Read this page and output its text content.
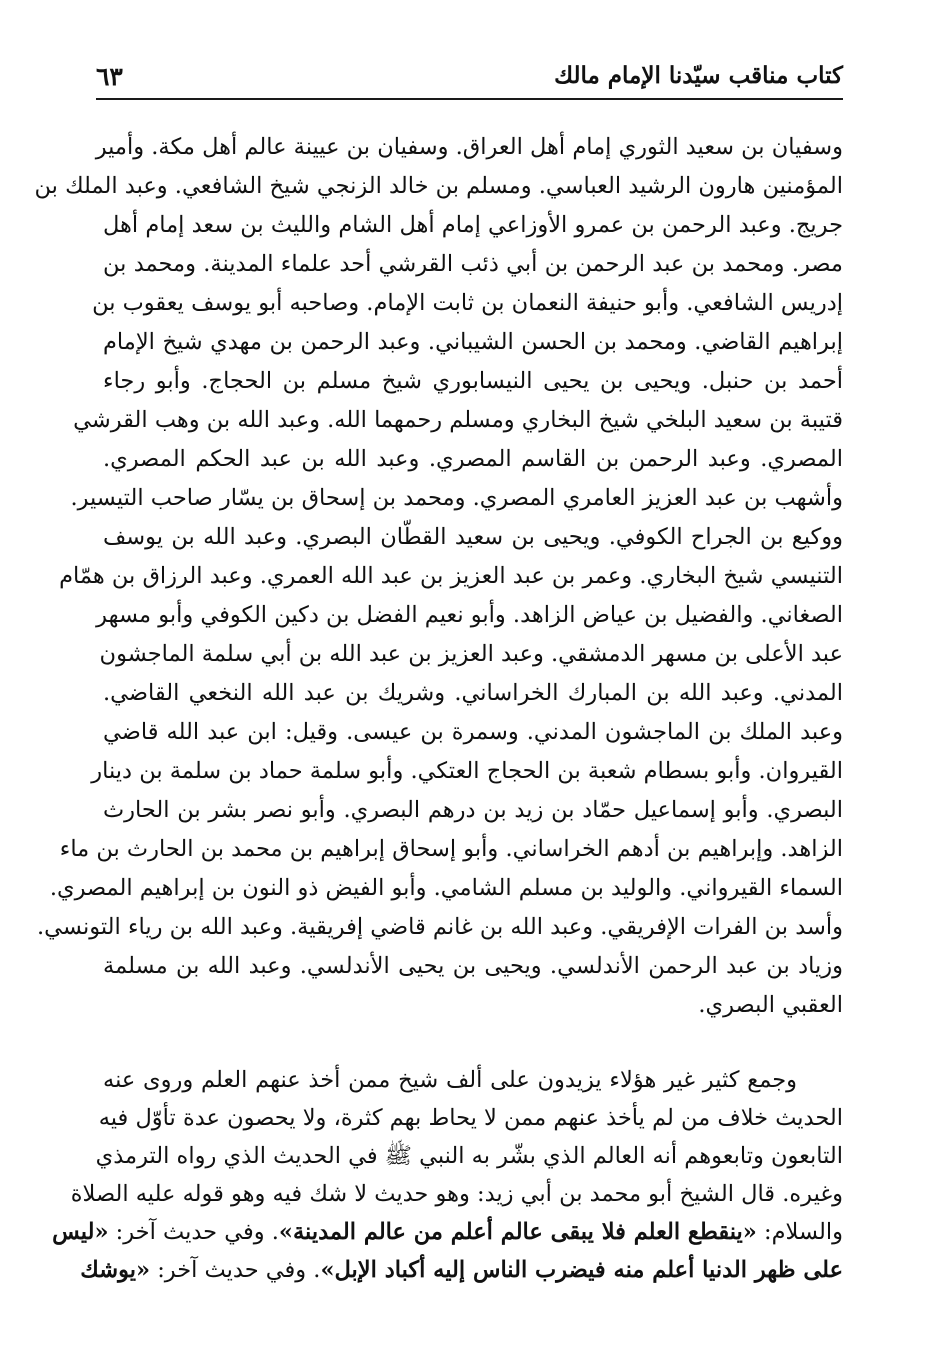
كتاب مناقب سيّدنا الإمام مالك
٦٣
وسفيان بن سعيد الثوري إمام أهل العراق. وسفيان بن عيينة عالم أهل مكة. وأمير
المؤمنين هارون الرشيد العباسي. ومسلم بن خالد الزنجي شيخ الشافعي. وعبد الملك بن
جريج. وعبد الرحمن بن عمرو الأوزاعي إمام أهل الشام والليث بن سعد إمام أهل
مصر. ومحمد بن عبد الرحمن بن أبي ذئب القرشي أحد علماء المدينة. ومحمد بن
إدريس الشافعي. وأبو حنيفة النعمان بن ثابت الإمام. وصاحبه أبو يوسف يعقوب بن
إبراهيم القاضي. ومحمد بن الحسن الشيباني. وعبد الرحمن بن مهدي شيخ الإمام
أحمد بن حنبل. ويحيى بن يحيى النيسابوري شيخ مسلم بن الحجاج. وأبو رجاء
قتيبة بن سعيد البلخي شيخ البخاري ومسلم رحمهما الله. وعبد الله بن وهب القرشي
المصري. وعبد الرحمن بن القاسم المصري. وعبد الله بن عبد الحكم المصري.
وأشهب بن عبد العزيز العامري المصري. ومحمد بن إسحاق بن يسّار صاحب التيسير.
ووكيع بن الجراح الكوفي. ويحيى بن سعيد القطّان البصري. وعبد الله بن يوسف
التنيسي شيخ البخاري. وعمر بن عبد العزيز بن عبد الله العمري. وعبد الرزاق بن همّام
الصغاني. والفضيل بن عياض الزاهد. وأبو نعيم الفضل بن دكين الكوفي وأبو مسهر
عبد الأعلى بن مسهر الدمشقي. وعبد العزيز بن عبد الله بن أبي سلمة الماجشون
المدني. وعبد الله بن المبارك الخراساني. وشريك بن عبد الله النخعي القاضي.
وعبد الملك بن الماجشون المدني. وسمرة بن عيسى. وقيل: ابن عبد الله قاضي
القيروان. وأبو بسطام شعبة بن الحجاج العتكي. وأبو سلمة حماد بن سلمة بن دينار
البصري. وأبو إسماعيل حمّاد بن زيد بن درهم البصري. وأبو نصر بشر بن الحارث
الزاهد. وإبراهيم بن أدهم الخراساني. وأبو إسحاق إبراهيم بن محمد بن الحارث بن ماء
السماء القيرواني. والوليد بن مسلم الشامي. وأبو الفيض ذو النون بن إبراهيم المصري.
وأسد بن الفرات الإفريقي. وعبد الله بن غانم قاضي إفريقية. وعبد الله بن رياء التونسي.
وزياد بن عبد الرحمن الأندلسي. ويحيى بن يحيى الأندلسي. وعبد الله بن مسلمة
العقبي البصري.
وجمع كثير غير هؤلاء يزيدون على ألف شيخ ممن أخذ عنهم العلم وروى عنه
الحديث خلاف من لم يأخذ عنهم ممن لا يحاط بهم كثرة، ولا يحصون عدة تأوّل فيه
التابعون وتابعوهم أنه العالم الذي بشّر به النبي ﷺ في الحديث الذي رواه الترمذي
وغيره. قال الشيخ أبو محمد بن أبي زيد: وهو حديث لا شك فيه وهو قوله عليه الصلاة
والسلام: «ينقطع العلم فلا يبقى عالم أعلم من عالم المدينة». وفي حديث آخر: «ليس
على ظهر الدنيا أعلم منه فيضرب الناس إليه أكباد الإبل». وفي حديث آخر: «يوشك
